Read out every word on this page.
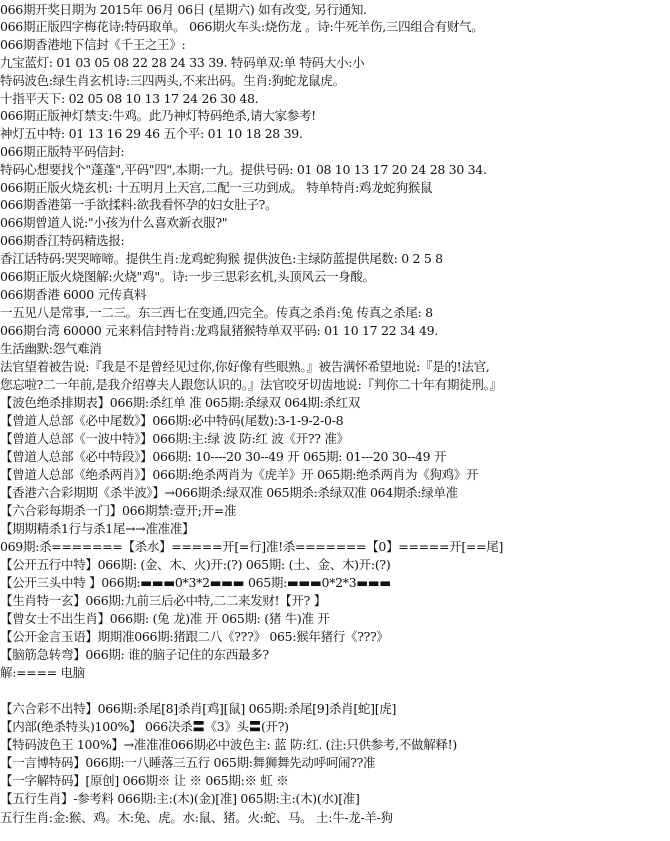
066期开奖日期为 2015年 06月 06日 (星期六) 如有改变, 另行通知.
066期正版四字梅花诗:特码取单。 066期火车头:烧伤龙 。诗:牛死羊伤,三四组合有财气。
066期香港地下信封《千王之王》:
九宝蓝灯: 01 03 05 08 22 28 24 33 39. 特码单双:单 特码大小:小
特码波色:绿生肖玄机诗:三四两头,不来出码。生肖:狗蛇龙鼠虎。
十指平天下: 02 05 08 10 13 17 24 26 30 48.
066期正版神灯禁支:牛鸡。此乃神灯特码绝杀,请大家参考!
神灯五中特: 01 13 16 29 46 五个平: 01 10 18 28 39.
066期正版特平码信封:
特码心想要找个"蓬蓬",平码"四",本期:一九。提供号码: 01 08 10 13 17 20 24 28 30 34.
066期正版火烧玄机: 十五明月上天宫,二配一三功到成。 特单特肖:鸡龙蛇狗猴鼠
066期香港第一手欲揉料:欲我看怀孕的妇女肚子?。
066期曾道人说:"小孩为什么喜欢新衣服?"
066期香江特码精选报:
香江话特码:哭哭啼啼。提供生肖:龙鸡蛇狗猴 提供波色:主绿防蓝提供尾数: 0 2 5 8
066期正版火烧图解:火烧"鸡"。诗:一步三思彩玄机,头顶风云一身酸。
066期香港 6000 元传真料
一五见八是常事,一二三。东三西七在变通,四完全。传真之杀肖:兔 传真之杀尾: 8
066期台湾 60000 元来料信封特肖:龙鸡鼠猪猴特单双平码: 01 10 17 22 34 49.
生活幽默:怨气难消
法官望着被告说:『我是不是曾经见过你,你好像有些眼熟。』被告满怀希望地说:『是的!法官,
您忘啦?二一年前,是我介绍尊夫人跟您认识的。』法官咬牙切齿地说:『判你二十年有期徒刑。』
【波色绝杀排期表】066期:杀红单 准 065期:杀绿双 064期:杀红双
【曾道人总部《必中尾数》】066期:必中特码(尾数):3-1-9-2-0-8
【曾道人总部《一波中特》】066期:主:绿 波 防:红 波《开?? 准》
【曾道人总部《必中特段》】066期: 10----20 30--49 开 065期: 01---20 30--49 开
【曾道人总部《绝杀两肖》】066期:绝杀两肖为《虎羊》开 065期:绝杀两肖为《狗鸡》开
【香港六合彩期期《杀半波》】→066期杀:绿双准 065期杀:杀绿双准 064期杀:绿单准
【六合彩每期杀一门】066期禁:壹开;开=准
【期期精杀1行与杀1尾→→准准准】
069期:杀=======【杀水】=====开[=行]准!杀=======【0】=====开[==尾]
【公开五行中特】066期: (金、木、火)开:(?) 065期: (土、金、木)开:(?)
【公开三头中特 】066期:▬▬▬0*3*2▬▬▬ 065期:▬▬▬0*2*3▬▬▬
【生肖特一玄】066期:九前三后必中特,二二来发财!【开? 】
【曾女士不出生肖】066期: (兔 龙)准 开 065期: (猪 牛)准 开
【公开金言玉语】期期准066期:猪跟二八《???》 065:猴年猪行《???》
【脑筋急转弯】066期: 谁的脑子记住的东西最多?
解:==== 电脑
【六合彩不出特】066期:杀尾[8]杀肖[鸡][鼠] 065期:杀尾[9]杀肖[蛇][虎]
【内部(绝杀特头)100%】 066决杀〓《3》头〓(开?)
【特码波色王 100%】→准准准066期必中波色主: 蓝 防:红. (注:只供参考,不做解释!)
【一言博特码】066期:一八睡落三五行 065期:舞狮舞先动呼呵闹??准
【一字解特码】[原创] 066期※ 让 ※ 065期:※ 虹 ※
【五行生肖】-参考料 066期:主:(木)(金)[准] 065期:主:(木)(水)[准]
五行生肖:金:猴、鸡。木:兔、虎。水:鼠、猪。火:蛇、马。 土:牛-龙-羊-狗
